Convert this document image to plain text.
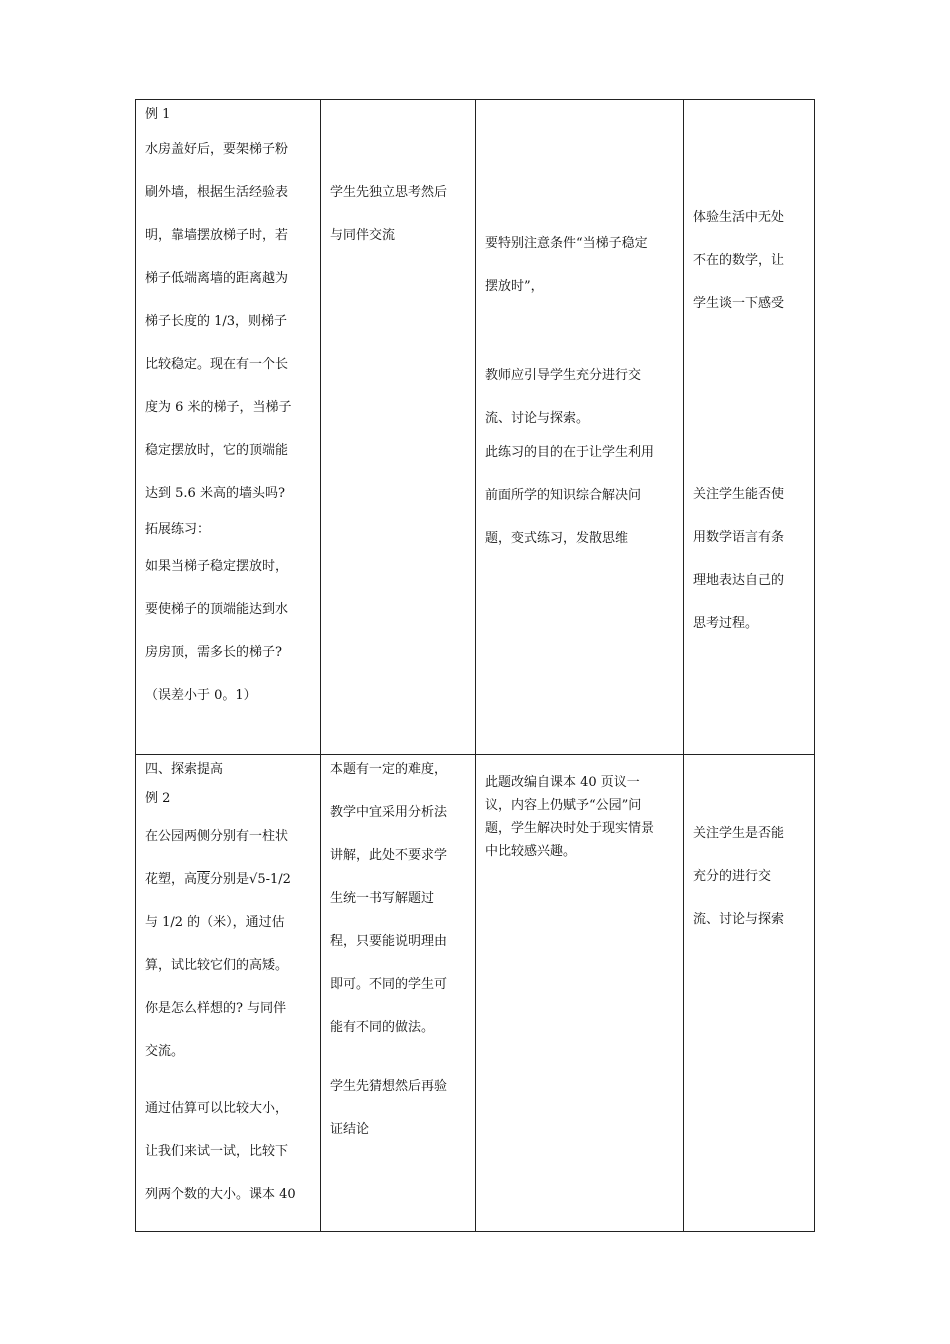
例 1

水房盖好后，要架梯子粉

刷外墙，根据生活经验表

明，靠墙摆放梯子时，若

梯子低端离墙的距离越为

梯子长度的 1/3，则梯子

比较稳定。现在有一个长

度为 6 米的梯子，当梯子

稳定摆放时，它的顶端能

达到 5.6 米高的墙头吗?

拓展练习：

如果当梯子稳定摆放时，

要使梯子的顶端能达到水

房房顶，需多长的梯子?

（误差小于 0。1）

学生先独立思考然后

与同伴交流

要特别注意条件“当梯子稳定

摆放时”，

教师应引导学生充分进行交

流、讨论与探索。

此练习的目的在于让学生利用

前面所学的知识综合解决问

题，变式练习，发散思维

体验生活中无处

不在的数学，让

学生谈一下感受

关注学生能否使

用数学语言有条

理地表达自己的

思考过程。

四、探索提高

例 2

在公园两侧分别有一柱状

花塑，高度分别是√5-1/2

与 1/2 的（米），通过估

算，试比较它们的高矮。

你是怎么样想的? 与同伴

交流。

通过估算可以比较大小，

让我们来试一试，比较下

列两个数的大小。课本 40

本题有一定的难度，

教学中宜采用分析法

讲解，此处不要求学

生统一书写解题过

程，只要能说明理由

即可。不同的学生可

能有不同的做法。

学生先猜想然后再验

证结论

此题改编自课本 40 页议一

议，内容上仍赋予“公园”问

题，学生解决时处于现实情景

中比较感兴趣。

关注学生是否能

充分的进行交

流、讨论与探索
